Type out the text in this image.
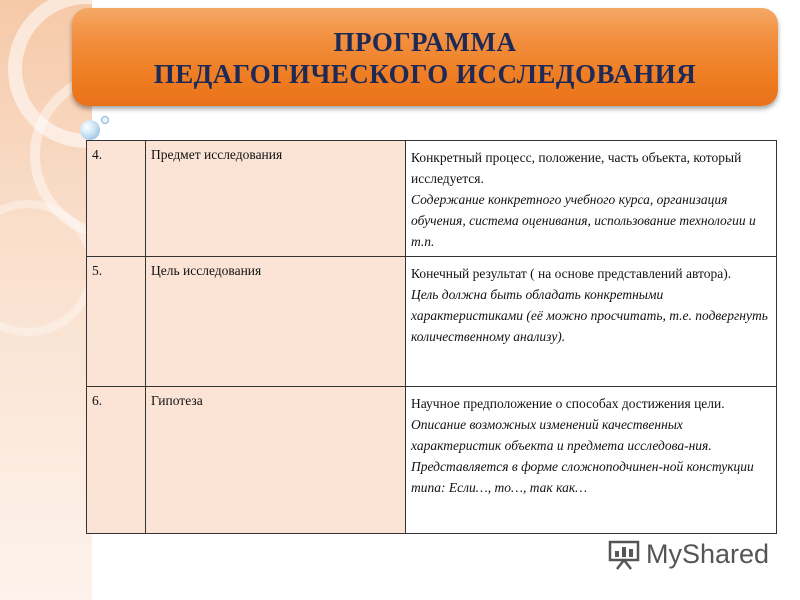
ПРОГРАММА
ПЕДАГОГИЧЕСКОГО ИССЛЕДОВАНИЯ
4.	Предмет исследования	Конкретный процесс, положение, часть объекта, который исследуется.
Содержание конкретного учебного курса, организация обучения, система оценивания, использование технологии и т.п.

5.	Цель исследования	Конечный результат ( на основе представлений автора).
Цель должна быть обладать конкретными характеристиками (её можно просчитать, т.е. подвергнуть количественному анализу).

6.	Гипотеза	Научное предположение о способах достижения цели.
Описание возможных изменений качественных характеристик объекта и предмета исследова-ния.
Представляется в форме сложноподчинен-ной констукции типа: Если…, то…, так как…
MyShared
